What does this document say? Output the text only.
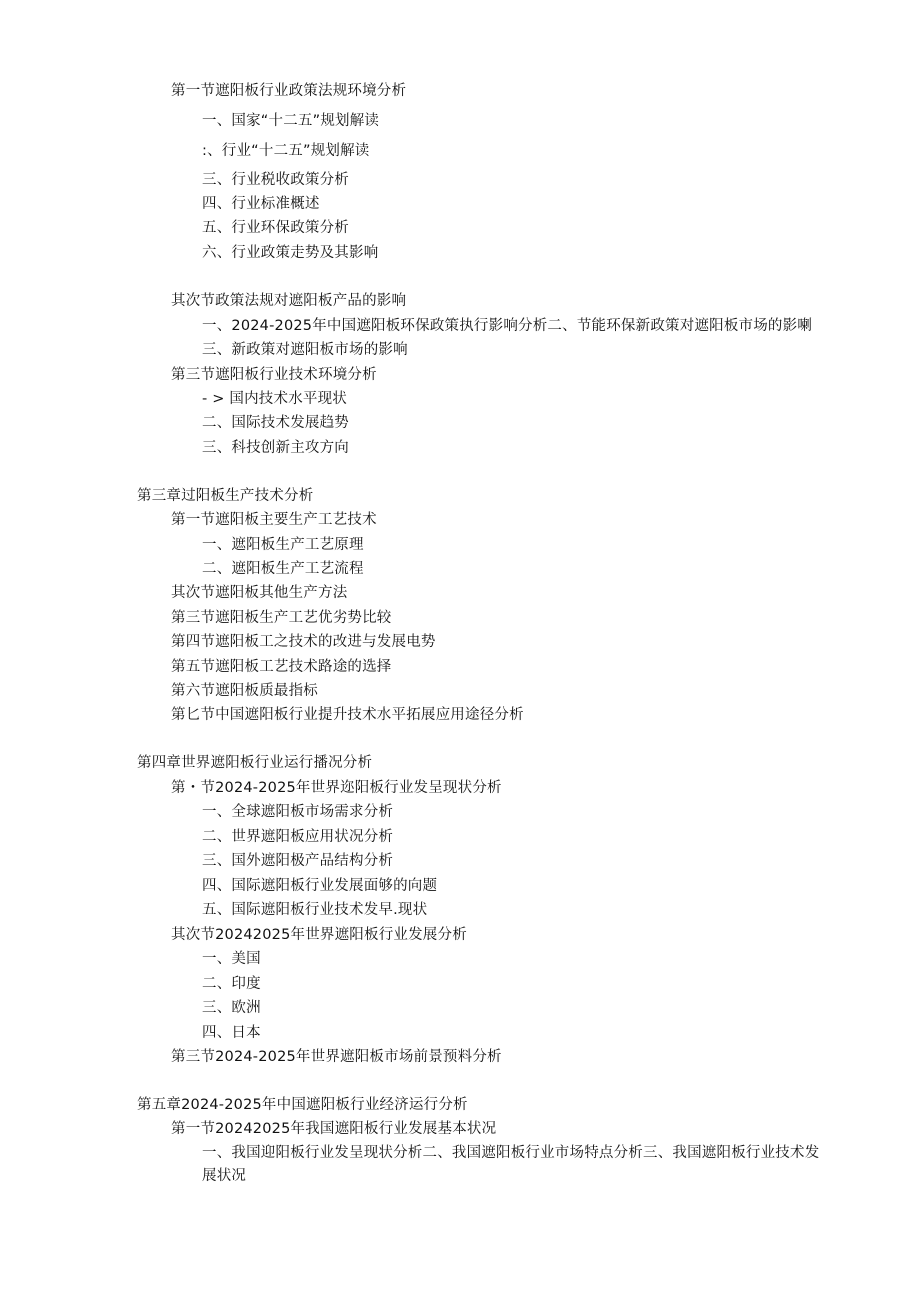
第一节遮阳板行业政策法规环境分析
一、国家“十二五”规划解读
:、行业“十二五”规划解读
三、行业税收政策分析
四、行业标准概述
五、行业环保政策分析
六、行业政策走势及其影响
其次节政策法规对遮阳板产品的影响
一、2024-2025年中国遮阳板环保政策执行影响分析二、节能环保新政策对遮阳板市场的影喇
三、新政策对遮阳板市场的影响
第三节遮阳板行业技术环境分析
- > 国内技术水平现状
二、国际技术发展趋势
三、科技创新主攻方向
第三章过阳板生产技术分析
第一节遮阳板主要生产工艺技术
一、遮阳板生产工艺原理
二、遮阳板生产工艺流程
其次节遮阳板其他生产方法
第三节遮阳板生产工艺优劣势比较
第四节遮阳板工之技术的改进与发展电势
第五节遮阳板工艺技术路途的选择
第六节遮阳板质最指标
第匕节中国遮阳板行业提升技术水平拓展应用途径分析
第四章世界遮阳板行业运行播况分析
第・节2024-2025年世界迩阳板行业发呈现状分析
一、全球遮阳板市场需求分析
二、世界遮阳板应用状况分析
三、国外遮阳极产品结构分析
四、国际遮阳板行业发展面够的向题
五、国际遮阳板行业技术发早.现状
其次节20242025年世界遮阳板行业发展分析
一、美国
二、印度
三、欧洲
四、日本
第三节2024-2025年世界遮阳板市场前景预料分析
第五章2024-2025年中国遮阳板行业经济运行分析
第一节20242025年我国遮阳板行业发展基本状况
一、我国迎阳板行业发呈现状分析二、我国遮阳板行业市场特点分析三、我国遮阳板行业技术发展状况
